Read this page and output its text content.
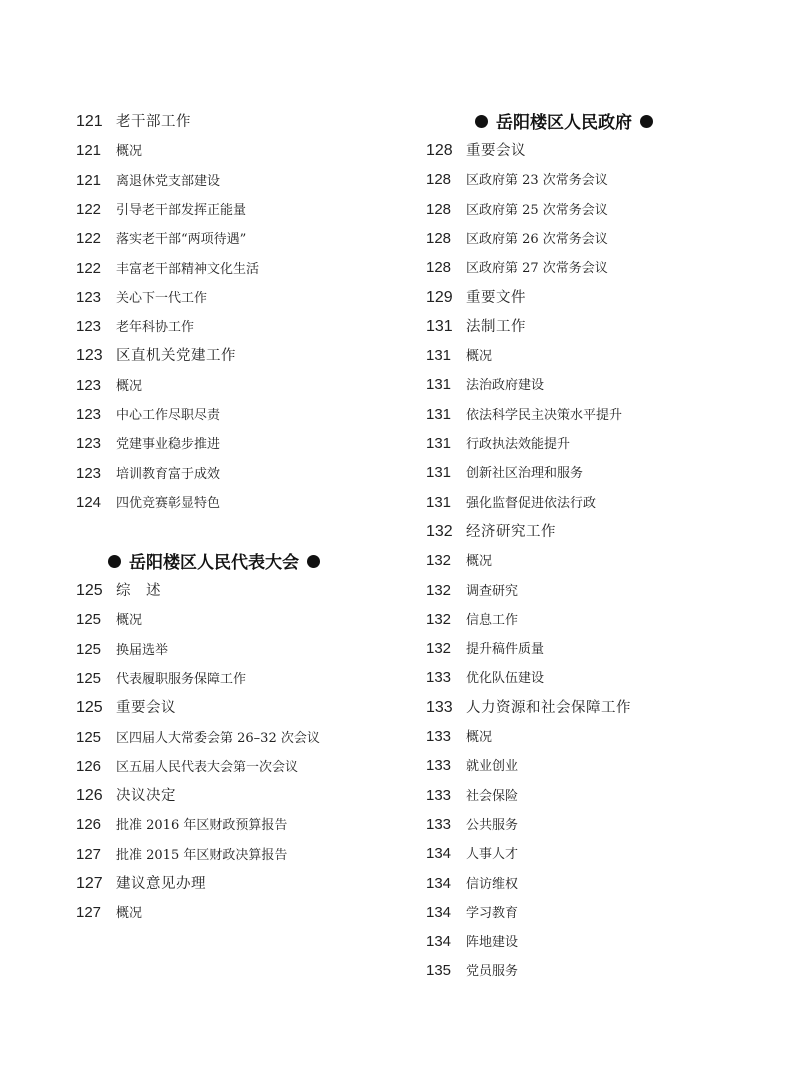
121 老干部工作
121 概况
121 离退休党支部建设
122 引导老干部发挥正能量
122 落实老干部“两项待遇”
122 丰富老干部精神文化生活
123 关心下一代工作
123 老年科协工作
123 区直机关党建工作
123 概况
123 中心工作尽职尽责
123 党建事业稳步推进
123 培训教育富于成效
124 四优竞赛彰显特色
岳阳楼区人民代表大会
125 综　述
125 概况
125 换届选举
125 代表履职服务保障工作
125 重要会议
125 区四届人大常委会第 26–32 次会议
126 区五届人民代表大会第一次会议
126 决议决定
126 批准 2016 年区财政预算报告
127 批准 2015 年区财政决算报告
127 建议意见办理
127 概况
岳阳楼区人民政府
128 重要会议
128 区政府第 23 次常务会议
128 区政府第 25 次常务会议
128 区政府第 26 次常务会议
128 区政府第 27 次常务会议
129 重要文件
131 法制工作
131 概况
131 法治政府建设
131 依法科学民主决策水平提升
131 行政执法效能提升
131 创新社区治理和服务
131 强化监督促进依法行政
132 经济研究工作
132 概况
132 调查研究
132 信息工作
132 提升稿件质量
133 优化队伍建设
133 人力资源和社会保障工作
133 概况
133 就业创业
133 社会保险
133 公共服务
134 人事人才
134 信访维权
134 学习教育
134 阵地建设
135 党员服务
